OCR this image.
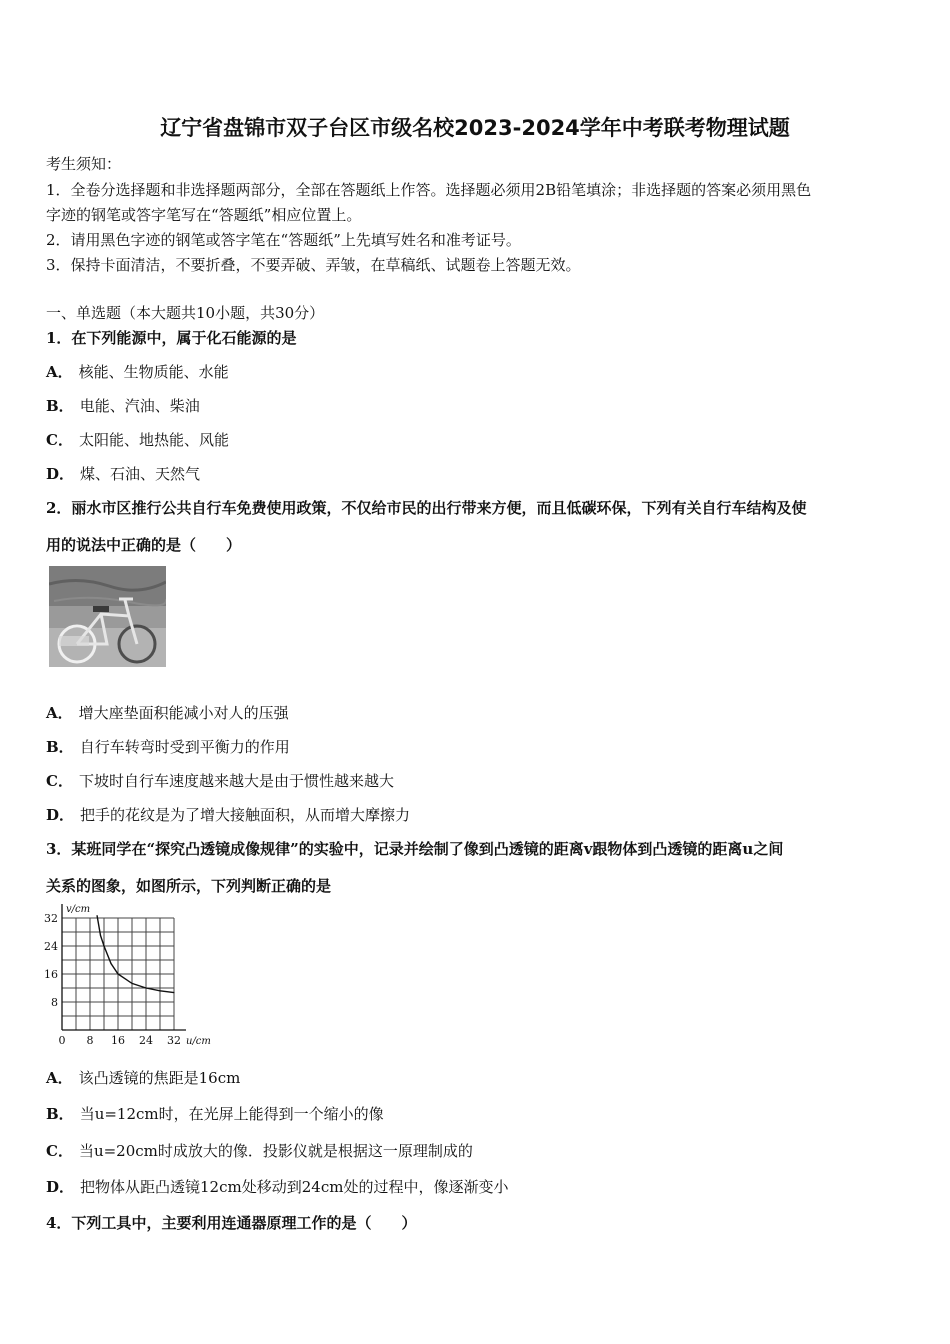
辽宁省盘锦市双子台区市级名校2023-2024学年中考联考物理试题
考生须知：
1．全卷分选择题和非选择题两部分，全部在答题纸上作答。选择题必须用2B铅笔填涂；非选择题的答案必须用黑色
字迹的钢笔或答字笔写在“答题纸”相应位置上。
2．请用黑色字迹的钢笔或答字笔在“答题纸”上先填写姓名和准考证号。
3．保持卡面清洁，不要折叠，不要弄破、弄皱，在草稿纸、试题卷上答题无效。
一、单选题（本大题共10小题，共30分）
1．在下列能源中，属于化石能源的是
A． 核能、生物质能、水能
B． 电能、汽油、柴油
C． 太阳能、地热能、风能
D． 煤、石油、天然气
2．丽水市区推行公共自行车免费使用政策，不仅给市民的出行带来方便，而且低碳环保，下列有关自行车结构及使
用的说法中正确的是（　　）
A． 增大座垫面积能减小对人的压强
B． 自行车转弯时受到平衡力的作用
C． 下坡时自行车速度越来越大是由于惯性越来越大
D． 把手的花纹是为了增大接触面积，从而增大摩擦力
3．某班同学在“探究凸透镜成像规律”的实验中，记录并绘制了像到凸透镜的距离v跟物体到凸透镜的距离u之间
关系的图象，如图所示，下列判断正确的是
0 8 16 24 32
8
16
24
32
u/cm
v/cm
A． 该凸透镜的焦距是16cm
B． 当u=12cm时，在光屏上能得到一个缩小的像
C． 当u=20cm时成放大的像．投影仪就是根据这一原理制成的
D． 把物体从距凸透镜12cm处移动到24cm处的过程中，像逐渐变小
4．下列工具中，主要利用连通器原理工作的是（　　）
